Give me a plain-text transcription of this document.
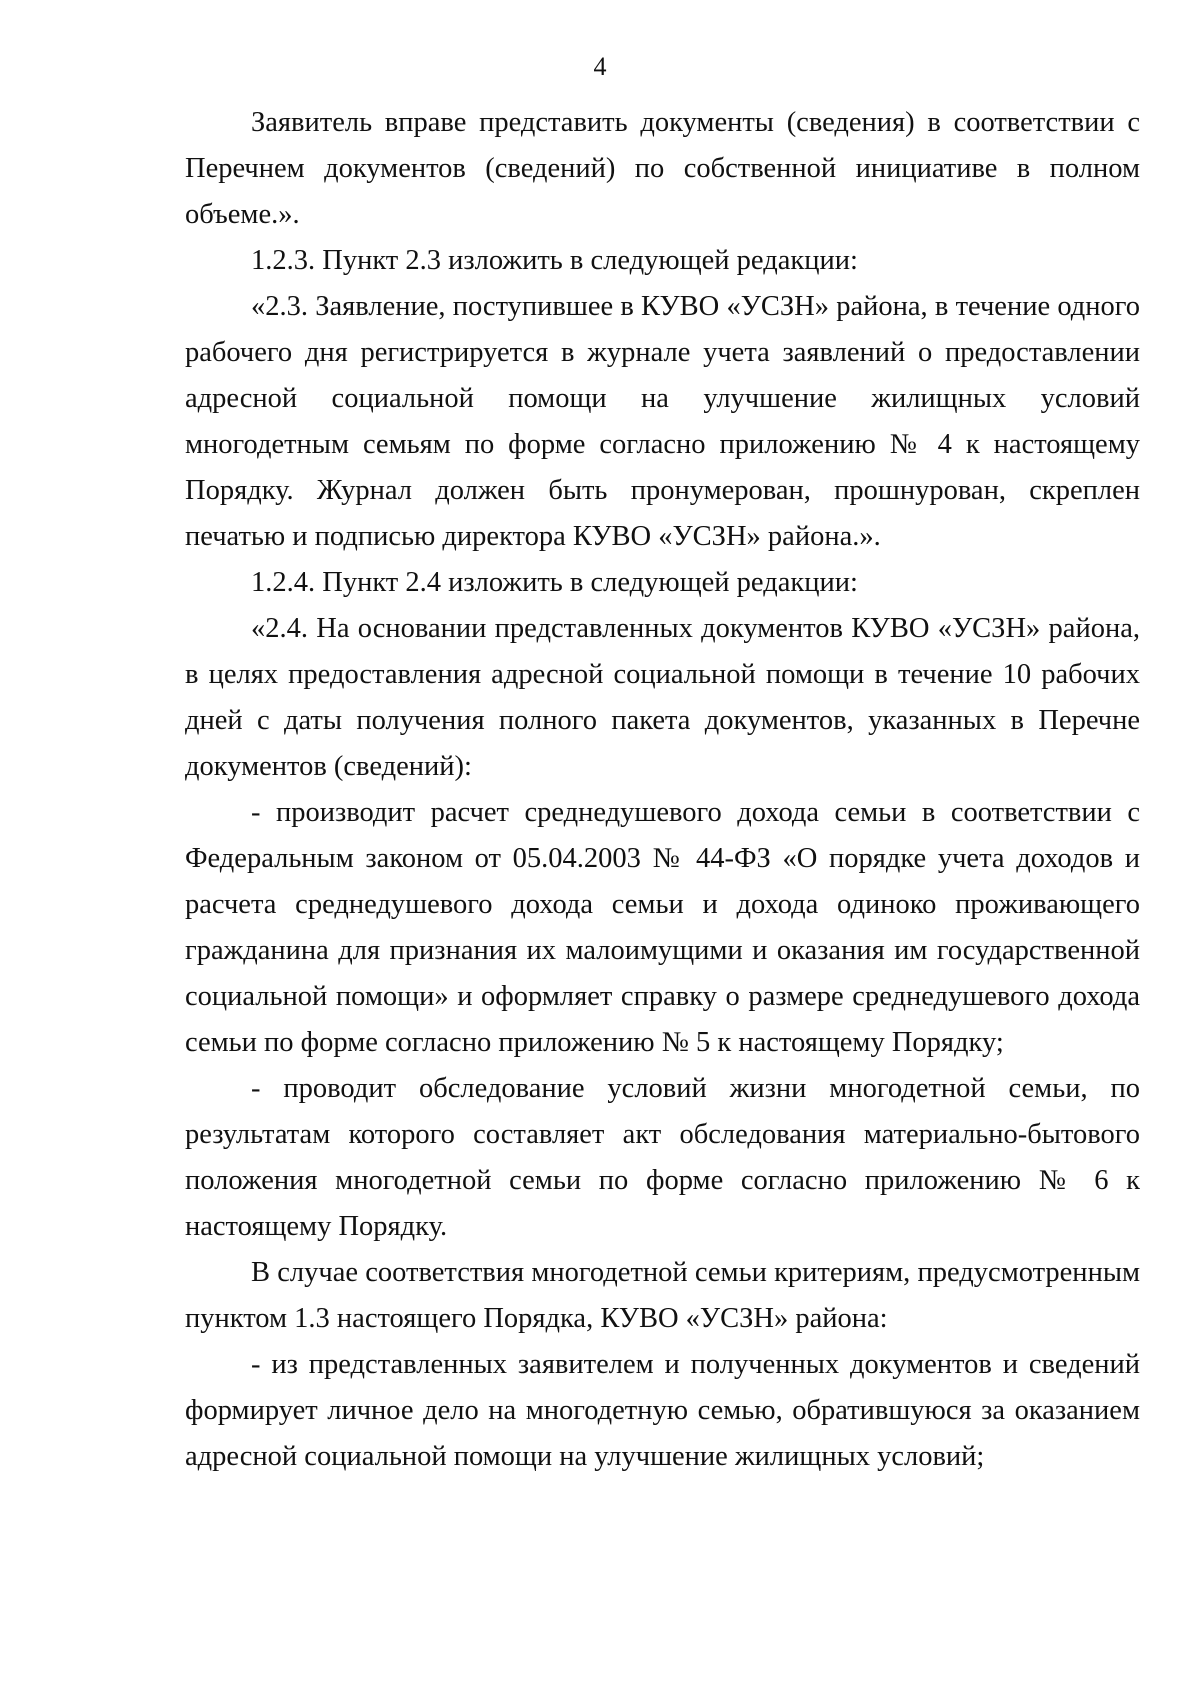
4

Заявитель вправе представить документы (сведения) в соответствии с Перечнем документов (сведений) по собственной инициативе в полном объеме.».

1.2.3. Пункт 2.3 изложить в следующей редакции:

«2.3. Заявление, поступившее в КУВО «УСЗН» района, в течение одного рабочего дня регистрируется в журнале учета заявлений о предоставлении адресной социальной помощи на улучшение жилищных условий многодетным семьям по форме согласно приложению № 4 к настоящему Порядку. Журнал должен быть пронумерован, прошнурован, скреплен печатью и подписью директора КУВО «УСЗН» района.».

1.2.4. Пункт 2.4 изложить в следующей редакции:

«2.4. На основании представленных документов КУВО «УСЗН» района, в целях предоставления адресной социальной помощи в течение 10 рабочих дней с даты получения полного пакета документов, указанных в Перечне документов (сведений):

- производит расчет среднедушевого дохода семьи в соответствии с Федеральным законом от 05.04.2003 № 44-ФЗ «О порядке учета доходов и расчета среднедушевого дохода семьи и дохода одиноко проживающего гражданина для признания их малоимущими и оказания им государственной социальной помощи» и оформляет справку о размере среднедушевого дохода семьи по форме согласно приложению № 5 к настоящему Порядку;

- проводит обследование условий жизни многодетной семьи, по результатам которого составляет акт обследования материально-бытового положения многодетной семьи по форме согласно приложению № 6 к настоящему Порядку.

В случае соответствия многодетной семьи критериям, предусмотренным пунктом 1.3 настоящего Порядка, КУВО «УСЗН» района:

- из представленных заявителем и полученных документов и сведений формирует личное дело на многодетную семью, обратившуюся за оказанием адресной социальной помощи на улучшение жилищных условий;
